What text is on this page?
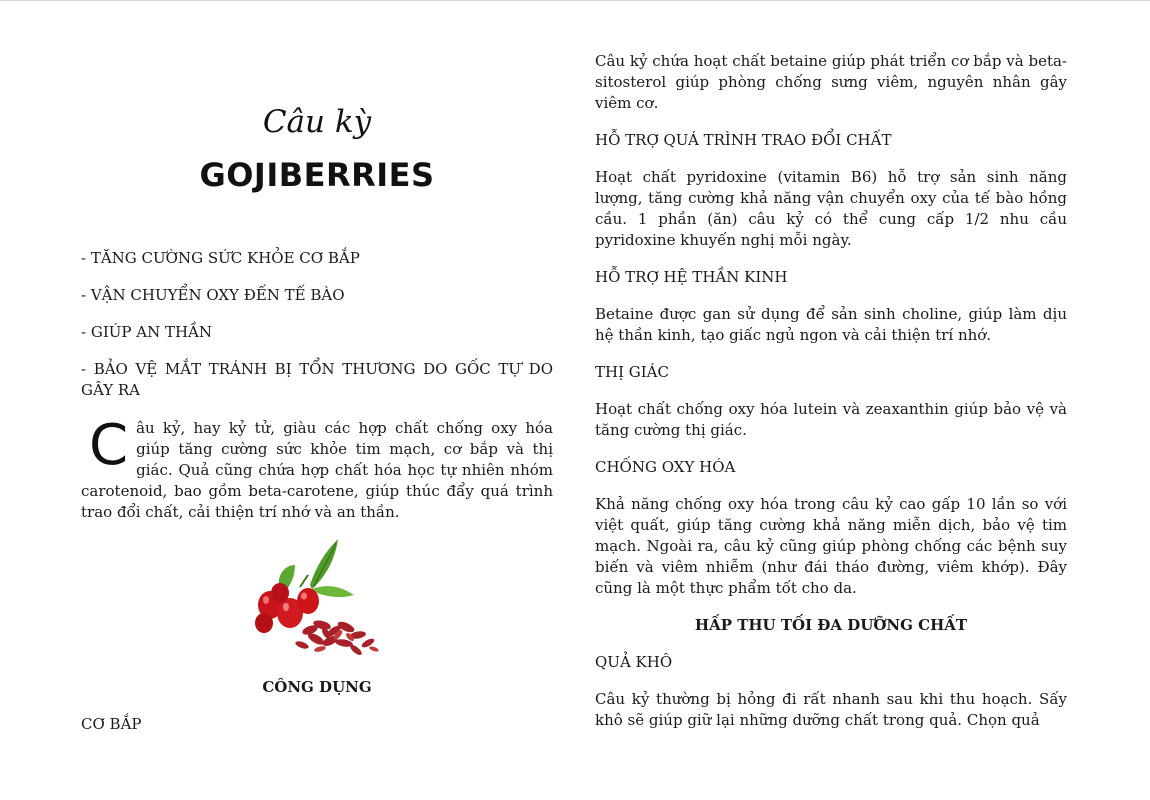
Câu kỳ
GOJIBERRIES
- TĂNG CƯỜNG SỨC KHỎE CƠ BẮP
- VẬN CHUYỂN OXY ĐẾN TẾ BÀO
- GIÚP AN THẦN
- BẢO VỆ MẮT TRÁNH BỊ TỔN THƯƠNG DO GỐC TỰ DO GÂY RA
Câu kỷ, hay kỷ tử, giàu các hợp chất chống oxy hóa giúp tăng cường sức khỏe tim mạch, cơ bắp và thị giác. Quả cũng chứa hợp chất hóa học tự nhiên nhóm carotenoid, bao gồm beta-carotene, giúp thúc đẩy quá trình trao đổi chất, cải thiện trí nhớ và an thần.
CÔNG DỤNG
CƠ BẮP
Câu kỷ chứa hoạt chất betaine giúp phát triển cơ bắp và beta-sitosterol giúp phòng chống sưng viêm, nguyên nhân gây viêm cơ.
HỖ TRỢ QUÁ TRÌNH TRAO ĐỔI CHẤT
Hoạt chất pyridoxine (vitamin B6) hỗ trợ sản sinh năng lượng, tăng cường khả năng vận chuyển oxy của tế bào hồng cầu. 1 phần (ăn) câu kỷ có thể cung cấp 1/2 nhu cầu pyridoxine khuyến nghị mỗi ngày.
HỖ TRỢ HỆ THẦN KINH
Betaine được gan sử dụng để sản sinh choline, giúp làm dịu hệ thần kinh, tạo giấc ngủ ngon và cải thiện trí nhớ.
THỊ GIÁC
Hoạt chất chống oxy hóa lutein và zeaxanthin giúp bảo vệ và tăng cường thị giác.
CHỐNG OXY HÓA
Khả năng chống oxy hóa trong câu kỷ cao gấp 10 lần so với việt quất, giúp tăng cường khả năng miễn dịch, bảo vệ tim mạch. Ngoài ra, câu kỷ cũng giúp phòng chống các bệnh suy biến và viêm nhiễm (như đái tháo đường, viêm khớp). Đây cũng là một thực phẩm tốt cho da.
HẤP THU TỐI ĐA DƯỠNG CHẤT
QUẢ KHÔ
Câu kỷ thường bị hỏng đi rất nhanh sau khi thu hoạch. Sấy khô sẽ giúp giữ lại những dưỡng chất trong quả. Chọn quả
